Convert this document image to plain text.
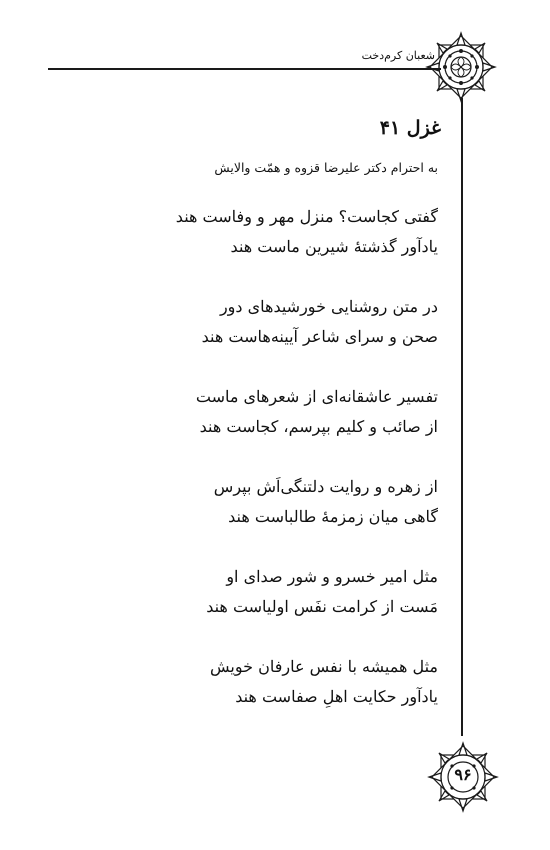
شعبان کرم‌دخت
غزل ۴۱
به احترام دکتر علیرضا قزوه و همّت والایش
گفتی کجاست؟ منزل مهر و وفاست هند
یادآور گذشتهٔ شیرین ماست هند
در متن روشنایی خورشیدهای دور
صحن و سرای شاعر آیینه‌هاست هند
تفسیر عاشقانه‌ای از شعرهای ماست
از صائب و کلیم بپرسم، کجاست هند
از زهره و روایت دلتنگی‌اَش بپرس
گاهی میان زمزمهٔ طالباست هند
مثل امیر خسرو و شور صدای او
مَست از کرامت نفَس اولیاست هند
مثل همیشه با نفس عارفان خویش
یادآور حکایت اهلِ صفاست هند
۹۶
